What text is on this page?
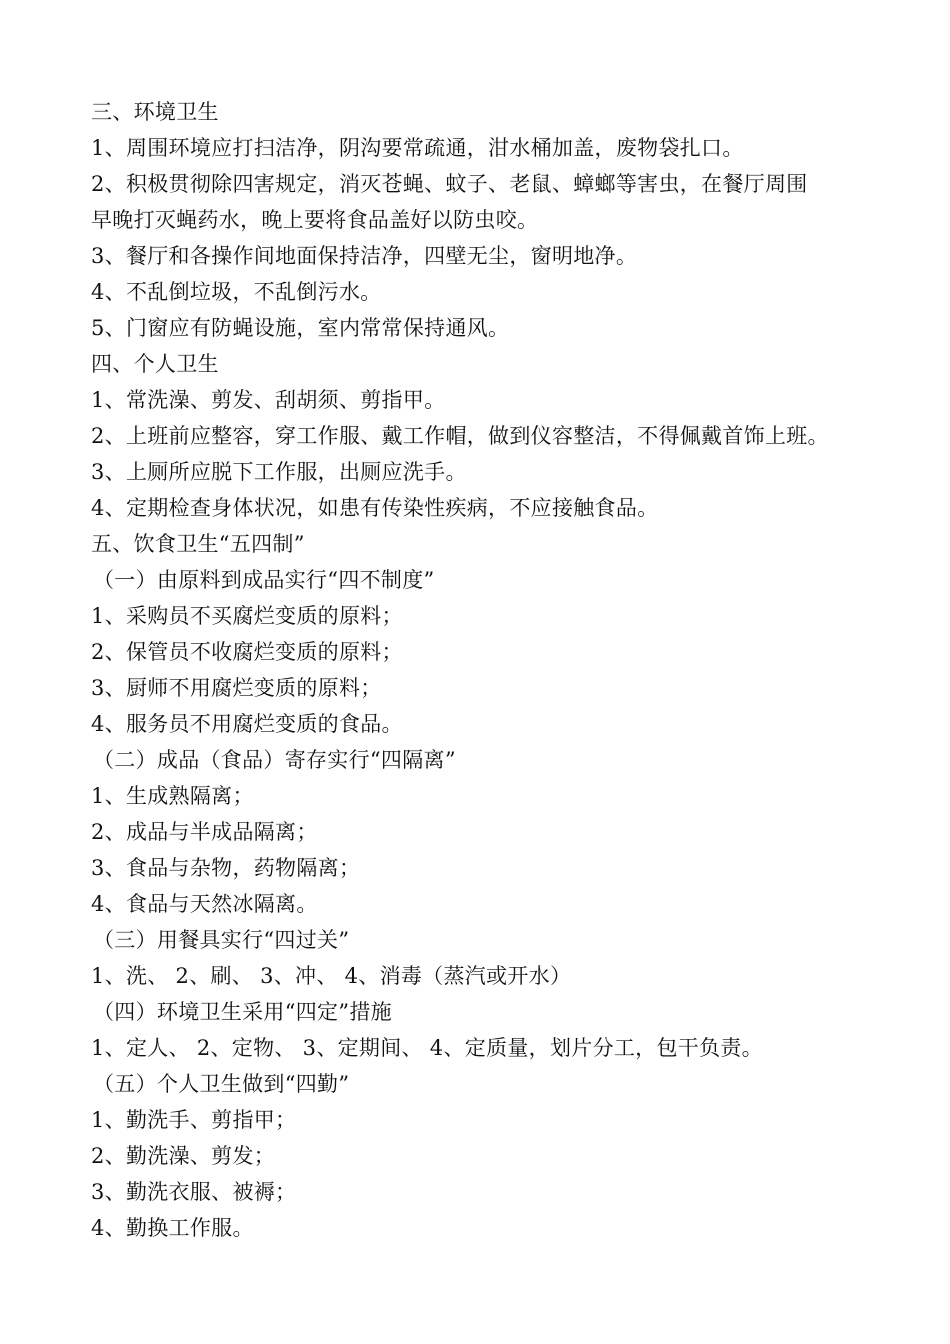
三、环境卫生
1、周围环境应打扫洁净，阴沟要常疏通，泔水桶加盖，废物袋扎口。
2、积极贯彻除四害规定，消灭苍蝇、蚊子、老鼠、蟑螂等害虫，在餐厅周围
早晚打灭蝇药水，晚上要将食品盖好以防虫咬。
3、餐厅和各操作间地面保持洁净，四壁无尘，窗明地净。
4、不乱倒垃圾，不乱倒污水。
5、门窗应有防蝇设施，室内常常保持通风。
四、个人卫生
1、常洗澡、剪发、刮胡须、剪指甲。
2、上班前应整容，穿工作服、戴工作帽，做到仪容整洁，不得佩戴首饰上班。
3、上厕所应脱下工作服，出厕应洗手。
4、定期检查身体状况，如患有传染性疾病，不应接触食品。
五、饮食卫生“五四制”
（一）由原料到成品实行“四不制度”
1、采购员不买腐烂变质的原料；
2、保管员不收腐烂变质的原料；
3、厨师不用腐烂变质的原料；
4、服务员不用腐烂变质的食品。
（二）成品（食品）寄存实行“四隔离”
1、生成熟隔离；
2、成品与半成品隔离；
3、食品与杂物，药物隔离；
4、食品与天然冰隔离。
（三）用餐具实行“四过关”
1、洗、 2、刷、 3、冲、 4、消毒（蒸汽或开水）
（四）环境卫生采用“四定”措施
1、定人、 2、定物、 3、定期间、 4、定质量，划片分工，包干负责。
（五）个人卫生做到“四勤”
1、勤洗手、剪指甲；
2、勤洗澡、剪发；
3、勤洗衣服、被褥；
4、勤换工作服。
